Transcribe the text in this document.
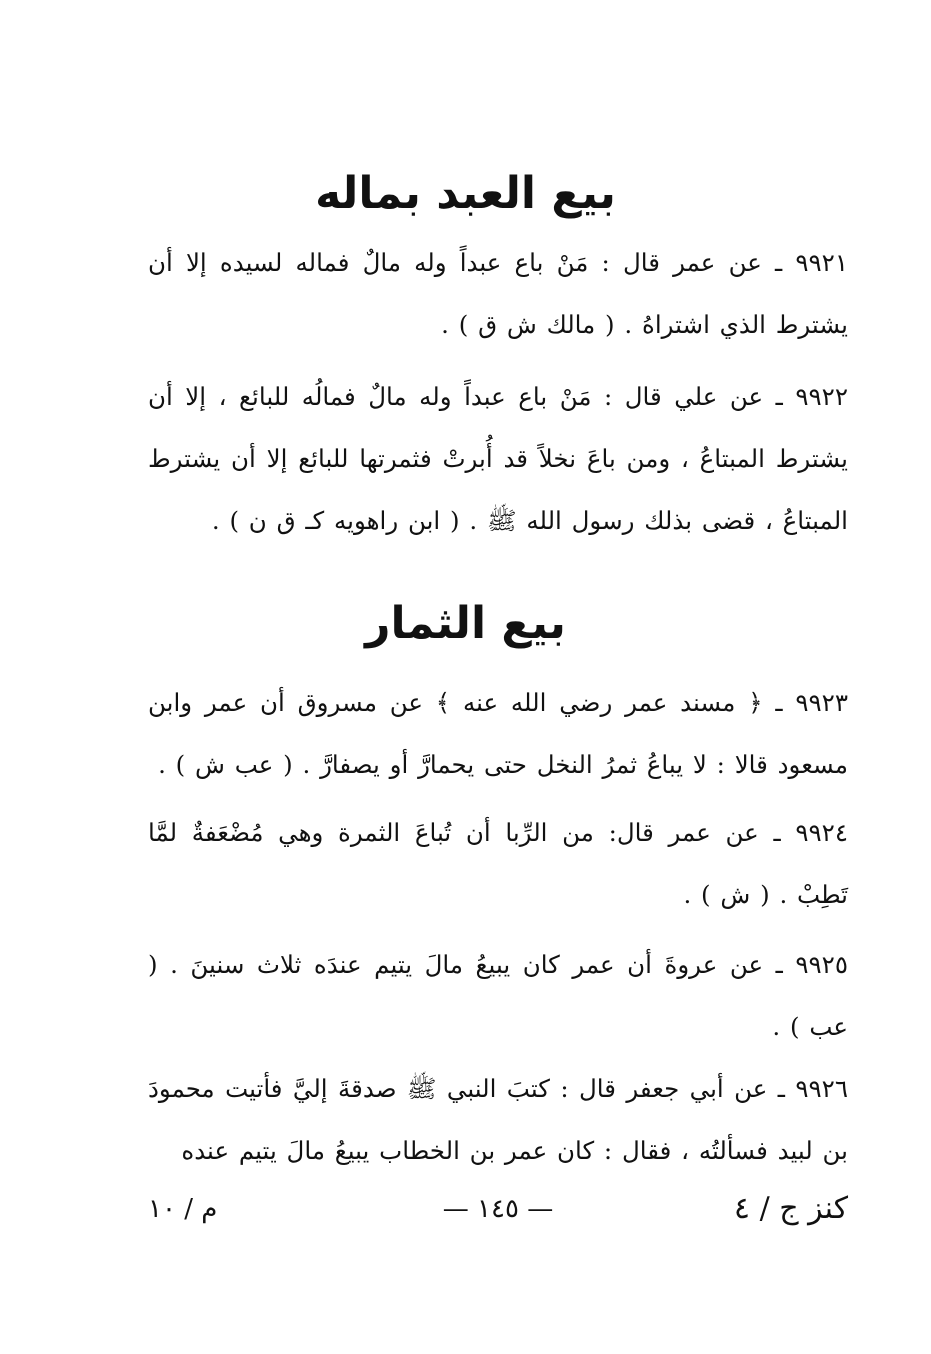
بيع العبد بماله

٩٩٢١ ـ عن عمر قال : مَنْ باع عبداً وله مالٌ فماله لسيده إلا أن يشترط الذي اشتراهُ . ( مالك ش ق ) .

٩٩٢٢ ـ عن علي قال : مَنْ باع عبداً وله مالٌ فمالُه للبائع ، إلا أن يشترط المبتاعُ ، ومن باعَ نخلاً قد أُبرتْ فثمرتها للبائع إلا أن يشترط المبتاعُ ، قضى بذلك رسول الله ﷺ . ( ابن راهويه كـ ق ن ) .

بيع الثمار

٩٩٢٣ ـ ﴿ مسند عمر رضي الله عنه ﴾ عن مسروق أن عمر وابن مسعود قالا : لا يباعُ ثمرُ النخل حتى يحمارَّ أو يصفارَّ . ( عب ش ) .

٩٩٢٤ ـ عن عمر قال: من الرِّبا أن تُباعَ الثمرة وهي مُضْعَفةٌ لمَّا تَطِبْ . ( ش ) .

٩٩٢٥ ـ عن عروةَ أن عمر كان يبيعُ مالَ يتيم عندَه ثلاث سنينَ . ( عب ) .

٩٩٢٦ ـ عن أبي جعفر قال : كتبَ النبي ﷺ صدقةَ إليَّ فأتيت محمودَ بن لبيد فسألتُه ، فقال : كان عمر بن الخطاب يبيعُ مالَ يتيم عنده

كنز ج / ٤
— ١٤٥ —
م / ١٠
